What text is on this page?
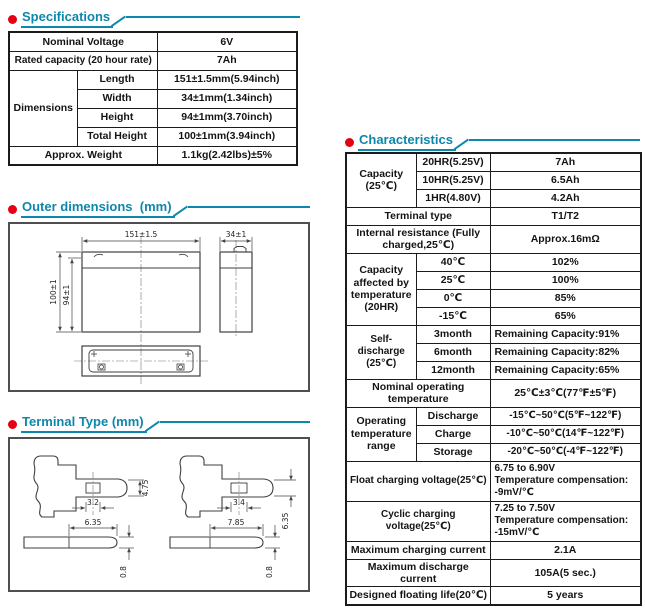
Specifications
Nominal Voltage		6V
Rated capacity (20 hour rate)		7Ah
Dimensions	Length	151±1.5mm(5.94inch)
	Width	34±1mm(1.34inch)
	Height	94±1mm(3.70inch)
	Total Height	100±1mm(3.94inch)
Approx. Weight		1.1kg(2.42lbs)±5%
Outer dimensions  (mm)
151±1.5
100±1 94±1
34±1
Terminal Type (mm)
4.75
3.2
6.35
0.8
6.35
3.4
7.85
0.8
Characteristics
Capacity (25℃)	20HR(5.25V)	7Ah
	10HR(5.25V)	6.5Ah
	1HR(4.80V)	4.2Ah
Terminal type		T1/T2
Internal resistance (Fully charged,25℃)		Approx.16mΩ
Capacity affected by temperature (20HR)	40℃	102%
	25℃	100%
	0℃	85%
	-15℃	65%
Self-discharge (25℃)	3month	Remaining Capacity:91%
	6month	Remaining Capacity:82%
	12month	Remaining Capacity:65%
Nominal operating temperature		25℃±3℃(77℉±5℉)
Operating temperature range	Discharge	-15℃~50℃(5℉~122℉)
	Charge	-10℃~50℃(14℉~122℉)
	Storage	-20℃~50℃(-4℉~122℉)
Float charging voltage(25℃)		6.75 to 6.90V
Temperature compensation:
-9mV/℃

Cyclic charging voltage(25℃)		7.25 to 7.50V
Temperature compensation:
-15mV/℃

Maximum charging current		2.1A
Maximum discharge current		105A(5 sec.)
Designed floating life(20℃)		5 years
